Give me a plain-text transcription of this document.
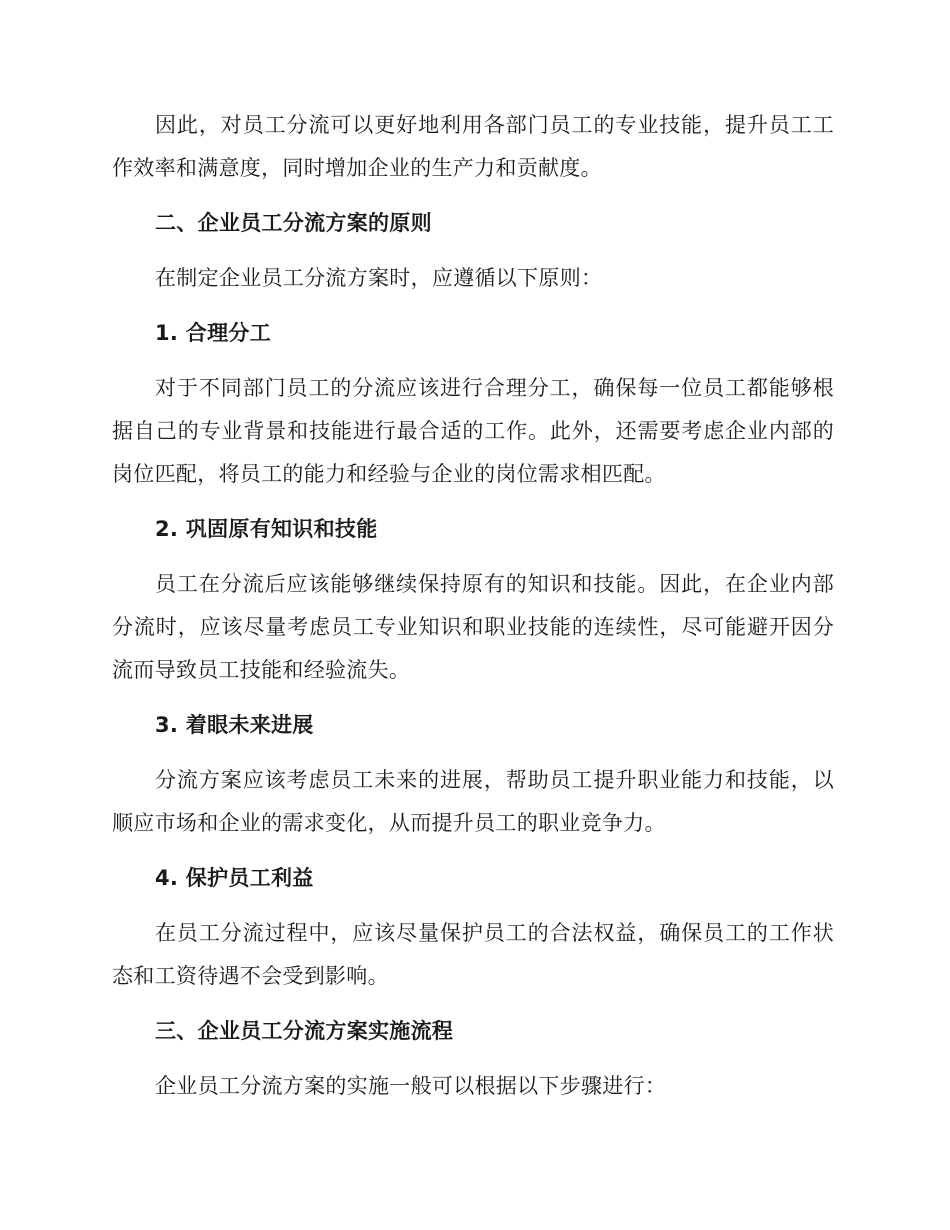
因此，对员工分流可以更好地利用各部门员工的专业技能，提升员工工作效率和满意度，同时增加企业的生产力和贡献度。

二、企业员工分流方案的原则

在制定企业员工分流方案时，应遵循以下原则：

1. 合理分工

对于不同部门员工的分流应该进行合理分工，确保每一位员工都能够根据自己的专业背景和技能进行最合适的工作。此外，还需要考虑企业内部的岗位匹配，将员工的能力和经验与企业的岗位需求相匹配。

2. 巩固原有知识和技能

员工在分流后应该能够继续保持原有的知识和技能。因此，在企业内部分流时，应该尽量考虑员工专业知识和职业技能的连续性，尽可能避开因分流而导致员工技能和经验流失。

3. 着眼未来进展

分流方案应该考虑员工未来的进展，帮助员工提升职业能力和技能，以顺应市场和企业的需求变化，从而提升员工的职业竞争力。

4. 保护员工利益

在员工分流过程中，应该尽量保护员工的合法权益，确保员工的工作状态和工资待遇不会受到影响。

三、企业员工分流方案实施流程

企业员工分流方案的实施一般可以根据以下步骤进行：
